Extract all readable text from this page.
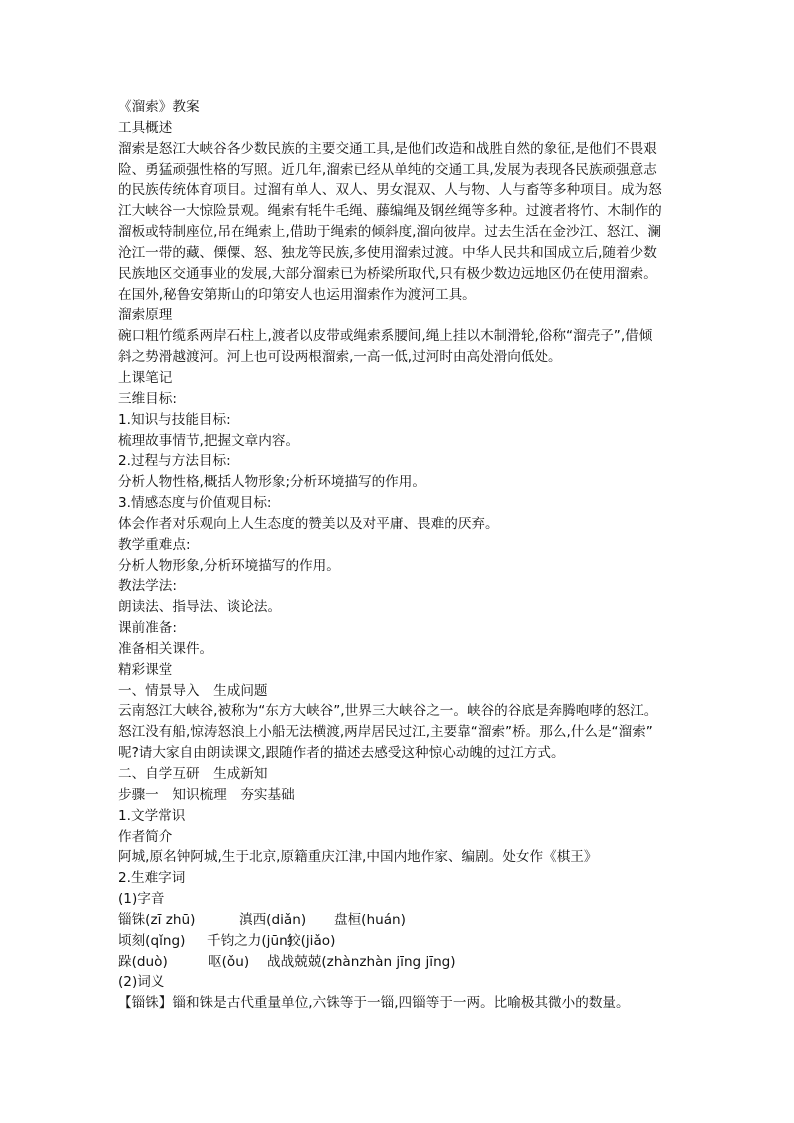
《溜索》教案
工具概述
溜索是怒江大峡谷各少数民族的主要交通工具,是他们改造和战胜自然的象征,是他们不畏艰
险、勇猛顽强性格的写照。近几年,溜索已经从单纯的交通工具,发展为表现各民族顽强意志
的民族传统体育项目。过溜有单人、双人、男女混双、人与物、人与畜等多种项目。成为怒
江大峡谷一大惊险景观。绳索有牦牛毛绳、藤编绳及钢丝绳等多种。过渡者将竹、木制作的
溜板或特制座位,吊在绳索上,借助于绳索的倾斜度,溜向彼岸。过去生活在金沙江、怒江、澜
沧江一带的藏、傈僳、怒、独龙等民族,多使用溜索过渡。中华人民共和国成立后,随着少数
民族地区交通事业的发展,大部分溜索已为桥梁所取代,只有极少数边远地区仍在使用溜索。
在国外,秘鲁安第斯山的印第安人也运用溜索作为渡河工具。
溜索原理
碗口粗竹缆系两岸石柱上,渡者以皮带或绳索系腰间,绳上挂以木制滑轮,俗称“溜壳子”,借倾
斜之势滑越渡河。河上也可设两根溜索,一高一低,过河时由高处滑向低处。
上课笔记
三维目标:
1.知识与技能目标:
梳理故事情节,把握文章内容。
2.过程与方法目标:
分析人物性格,概括人物形象;分析环境描写的作用。
3.情感态度与价值观目标:
体会作者对乐观向上人生态度的赞美以及对平庸、畏难的厌弃。
教学重难点:
分析人物形象,分析环境描写的作用。
教法学法:
朗读法、指导法、谈论法。
课前准备:
准备相关课件。
精彩课堂
一、情景导入　生成问题
云南怒江大峡谷,被称为“东方大峡谷”,世界三大峡谷之一。峡谷的谷底是奔腾咆哮的怒江。
怒江没有船,惊涛怒浪上小船无法横渡,两岸居民过江,主要靠“溜索”桥。那么,什么是“溜索”
呢?请大家自由朗读课文,跟随作者的描述去感受这种惊心动魄的过江方式。
二、自学互研　生成新知
步骤一　知识梳理　夯实基础
1.文学常识
作者简介
阿城,原名钟阿城,生于北京,原籍重庆江津,中国内地作家、编剧。处女作《棋王》
2.生难字词
(1)字音
锱铢(zī zhū)	滇西(diǎn) 盘桓(huán)
顷刻(qǐng) 千钧之力(jūn)绞(jiǎo)
跺(duò)	呕(ǒu) 战战兢兢(zhànzhàn jīng jīng)
(2)词义
【锱铢】锱和铢是古代重量单位,六铢等于一锱,四锱等于一两。比喻极其微小的数量。
